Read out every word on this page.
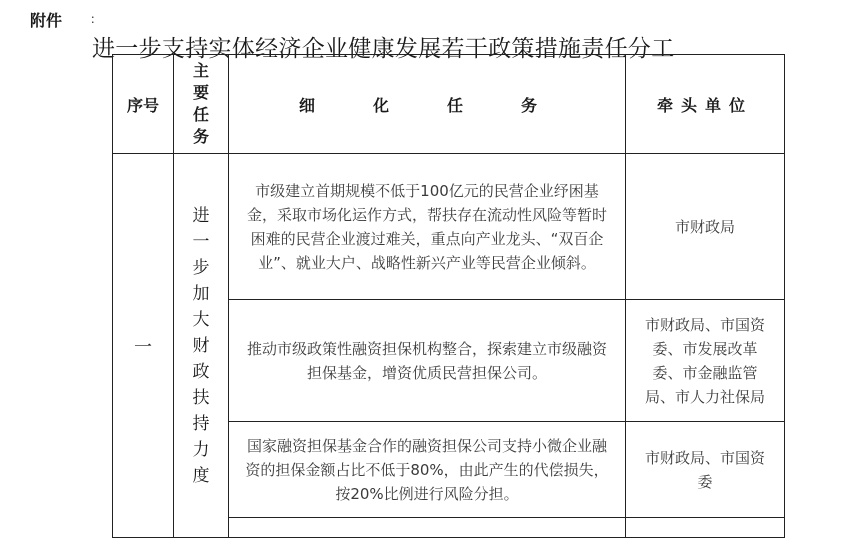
附件 ：
进一步支持实体经济企业健康发展若干政策措施责任分工
序号	主要任务	细化任务	牵头单位
一	进一步加大财政扶持力度	市级建立首期规模不低于100亿元的民营企业纾困基金，采取市场化运作方式，帮扶存在流动性风险等暂时困难的民营企业渡过难关，重点向产业龙头、“双百企业”、就业大户、战略性新兴产业等民营企业倾斜。	市财政局
		推动市级政策性融资担保机构整合，探索建立市级融资担保基金，增资优质民营担保公司。	市财政局、市国资委、市发展改革委、市金融监管局、市人力社保局
		国家融资担保基金合作的融资担保公司支持小微企业融资的担保金额占比不低于80%，由此产生的代偿损失，按20%比例进行风险分担。	市财政局、市国资委
